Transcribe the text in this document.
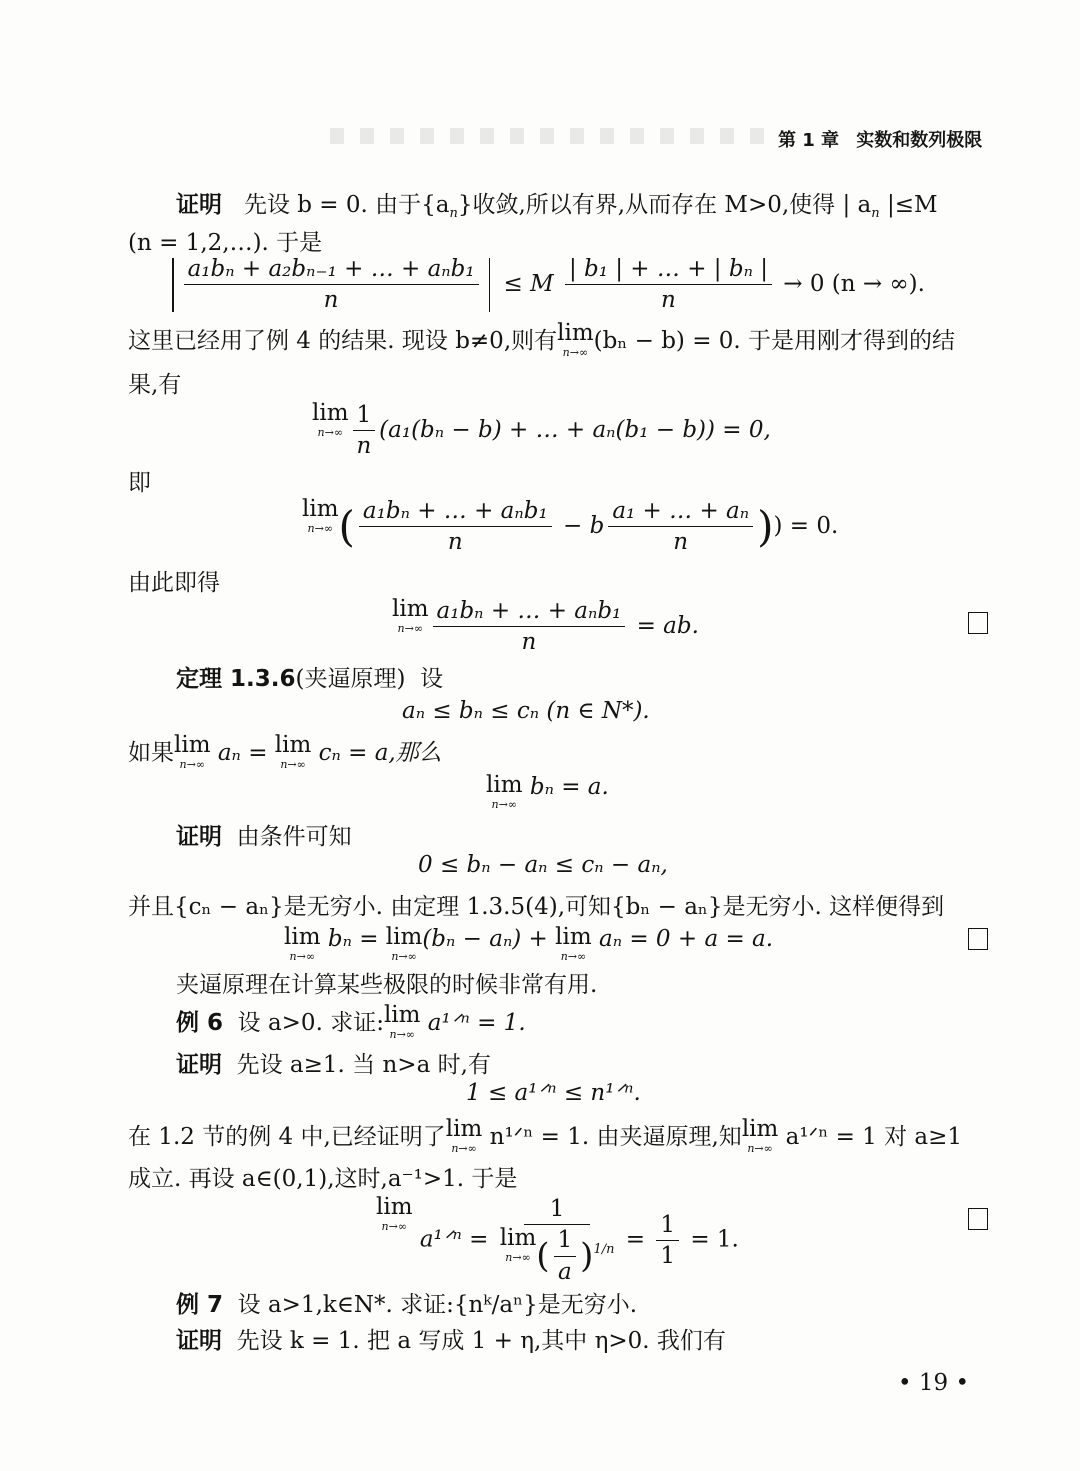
第 1 章 实数和数列极限
证明 先设 b = 0. 由于$\{a_n\}$收敛,所以有界,从而存在 M>0,使得 | $a_n$ |≤M
(n = 1,2,…). 于是
$\frac{\text{a₁bₙ + a₂bₙ₋₁ + … + aₙb₁}}{n} \le M \frac{\text{| b₁ | + … + | bₙ |}}{n} \to 0$ (n → ∞).
这里已经用了例 4 的结果. 现设 b≠0,则有 lim
n→∞ (bₙ − b) = 0. 于是用刚才得到的结
果,有
lim
$n\to\infty \frac{1}{n} (a_1(b_n - b)$ + … + aₙ(b₁ − b)) = 0,
即
lim
n→∞ ( $\frac{\text{a₁bₙ + … + aₙb₁}}{n} - b \frac{\text{a₁ + … + aₙ}}{n}$ )) = 0.
由此即得
lim
$n\to\infty \frac{\text{a₁bₙ + … + aₙb₁}}{n}$ = ab.
定理 1.3.6(夹逼原理) 设
aₙ ≤ bₙ ≤ cₙ (n ∈ N*).
如果 lim
n→∞ aₙ = lim
n→∞ cₙ = a,那么
lim
n→∞
bₙ = a.
证明 由条件可知
0 ≤ bₙ − aₙ ≤ cₙ − aₙ,
并且{cₙ − aₙ}是无穷小. 由定理 1.3.5(4),可知{bₙ − aₙ}是无穷小. 这样便得到
lim
n→∞
bₙ = lim
n→∞
(bₙ − aₙ) + lim
n→∞
aₙ = 0 + a = a.
夹逼原理在计算某些极限的时候非常有用.
例 6 设 a>0. 求证: lim
n→∞ a¹ᐟⁿ = 1.
证明 先设 a≥1. 当 n>a 时,有
1 ≤ a¹ᐟⁿ ≤ n¹ᐟⁿ.
在 1.2 节的例 4 中,已经证明了 lim
n→∞ n¹ᐟⁿ = 1. 由夹逼原理,知 lim
n→∞ a¹ᐟⁿ = 1 对 a≥1
成立. 再设 a∈(0,1),这时,a⁻¹>1. 于是
lim
n→∞
a¹ᐟⁿ = 1
lim
n→∞ ( $\frac{1}{a} )^{1/n} = \frac{1}{1} = 1$.
例 7 设 a>1,k∈N*. 求证:{nᵏ/aⁿ}是无穷小.
证明 先设 k = 1. 把 a 写成 1 + η,其中 η>0. 我们有
• 19 •
